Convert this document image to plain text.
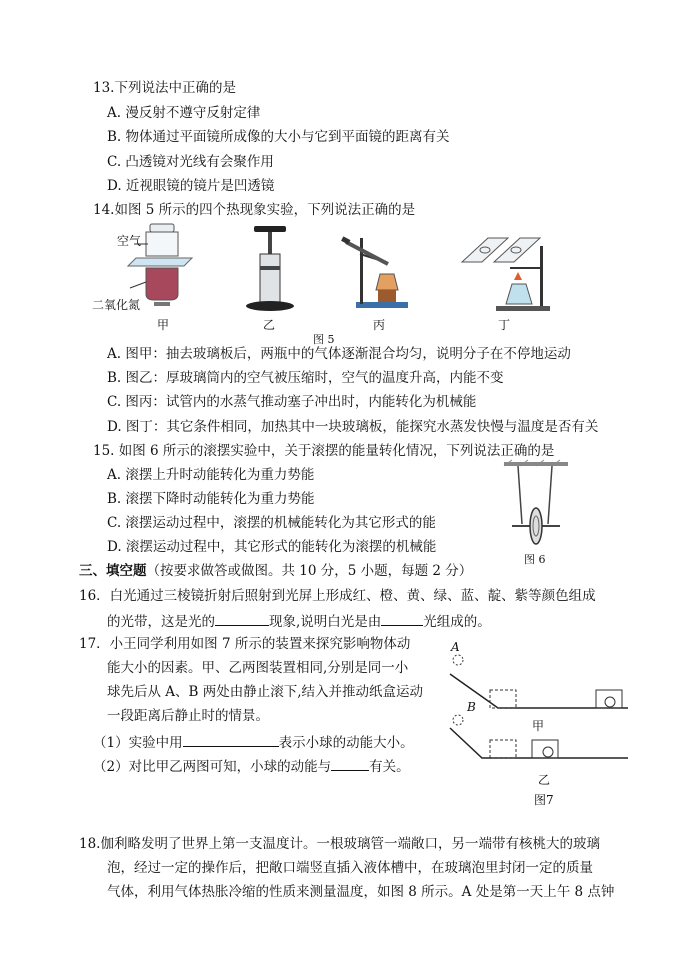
13.下列说法中正确的是
A. 漫反射不遵守反射定律
B. 物体通过平面镜所成像的大小与它到平面镜的距离有关
C. 凸透镜对光线有会聚作用
D. 近视眼镜的镜片是凹透镜
14.如图 5 所示的四个热现象实验，下列说法正确的是
空气
二氧化氮
甲	乙	丙	丁
图 5
A. 图甲：抽去玻璃板后，两瓶中的气体逐渐混合均匀，说明分子在不停地运动
B. 图乙：厚玻璃筒内的空气被压缩时，空气的温度升高，内能不变
C. 图丙：试管内的水蒸气推动塞子冲出时，内能转化为机械能
D. 图丁：其它条件相同，加热其中一块玻璃板，能探究水蒸发快慢与温度是否有关
15. 如图 6 所示的滚摆实验中，关于滚摆的能量转化情况，下列说法正确的是
A. 滚摆上升时动能转化为重力势能
B. 滚摆下降时动能转化为重力势能
C. 滚摆运动过程中，滚摆的机械能转化为其它形式的能
D. 滚摆运动过程中，其它形式的能转化为滚摆的机械能
图 6
三、填空题（按要求做答或做图。共 10 分，5 小题，每题 2 分）
16．白光通过三棱镜折射后照射到光屏上形成红、橙、黄、绿、蓝、靛、紫等颜色组成
的光带，这是光的	现象,说明白光是由	光组成的。
17．小王同学利用如图 7 所示的装置来探究影响物体动
能大小的因素。甲、乙两图装置相同,分别是同一小
球先后从 A、B 两处由静止滚下,结入并推动纸盒运动
一段距离后静止时的情景。
（1）实验中用	表示小球的动能大小。
（2）对比甲乙两图可知，小球的动能与	有关。
A
B
甲
乙
图7
18.伽利略发明了世界上第一支温度计。一根玻璃管一端敞口，另一端带有核桃大的玻璃
泡，经过一定的操作后，把敞口端竖直插入液体槽中，在玻璃泡里封闭一定的质量
气体，利用气体热胀冷缩的性质来测量温度，如图 8 所示。A 处是第一天上午 8 点钟
